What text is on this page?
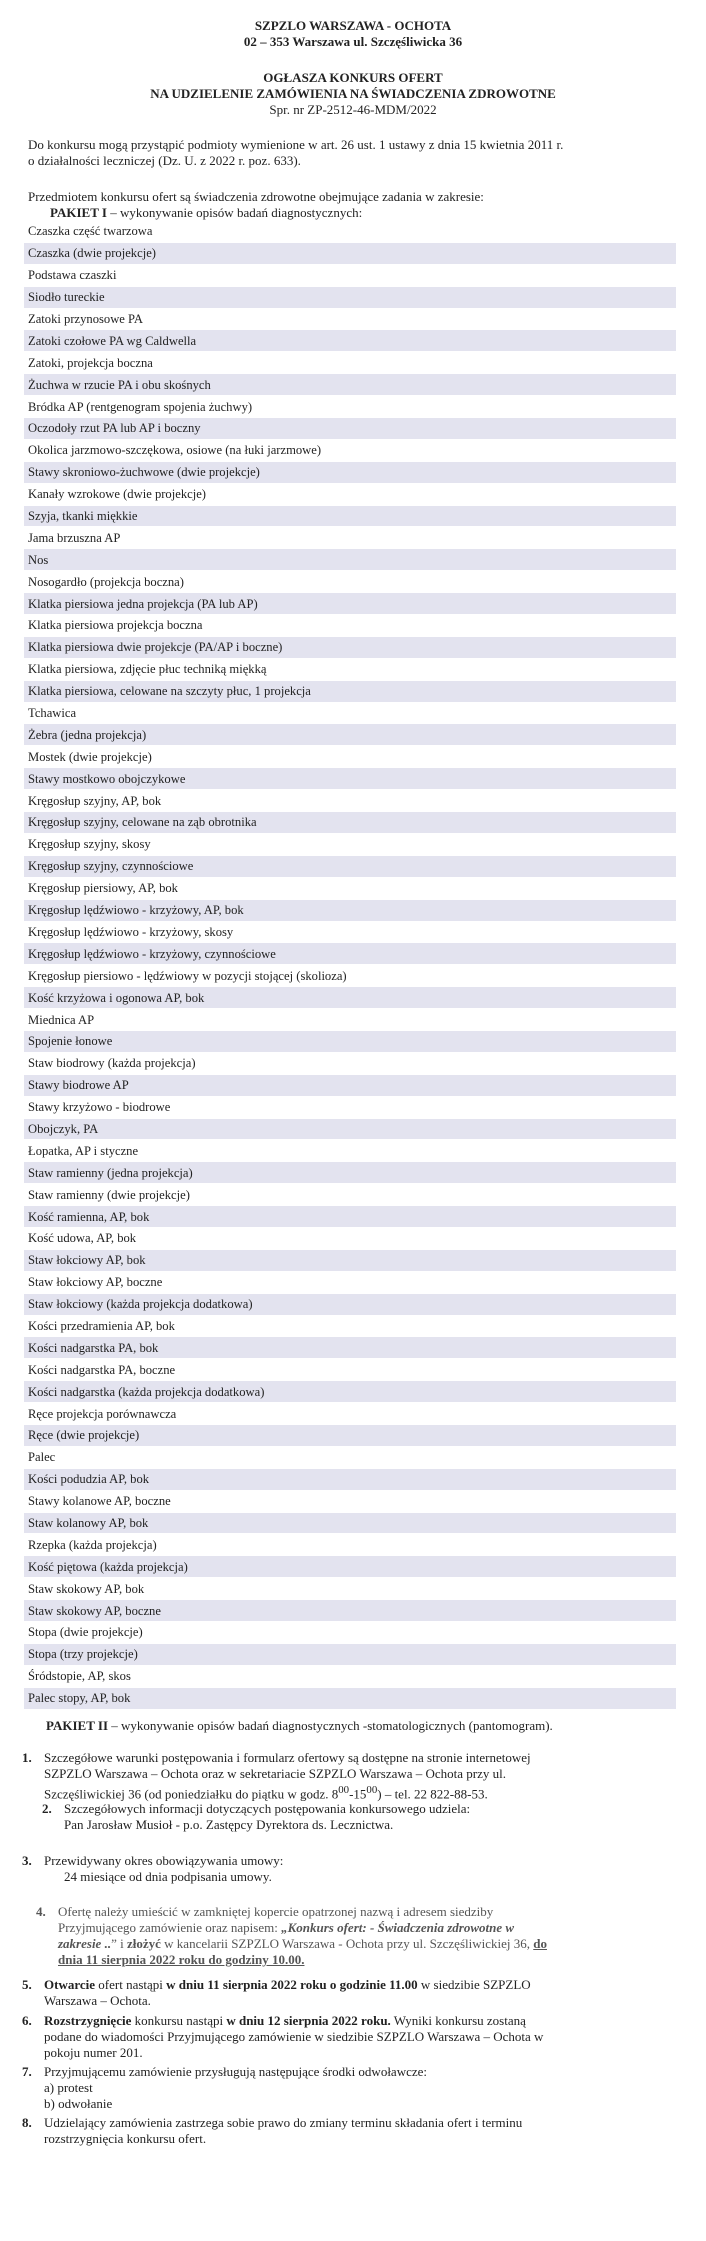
SZPZLO WARSZAWA - OCHOTA
02 – 353 Warszawa ul. Szczęśliwicka 36
OGŁASZA KONKURS OFERT
NA UDZIELENIE ZAMÓWIENIA NA ŚWIADCZENIA ZDROWOTNE
Spr. nr ZP-2512-46-MDM/2022
Do konkursu mogą przystąpić podmioty wymienione w art. 26 ust. 1 ustawy z dnia 15 kwietnia 2011 r.
o działalności leczniczej (Dz. U. z 2022 r. poz. 633).
Przedmiotem konkursu ofert są świadczenia zdrowotne obejmujące zadania w zakresie:
PAKIET I – wykonywanie opisów badań diagnostycznych:
Czaszka część twarzowa
Czaszka (dwie projekcje)
Podstawa czaszki
Siodło tureckie
Zatoki przynosowe PA
Zatoki czołowe PA wg Caldwella
Zatoki, projekcja boczna
Żuchwa w rzucie PA i obu skośnych
Bródka AP (rentgenogram spojenia żuchwy)
Oczodoły rzut PA lub AP i boczny
Okolica jarzmowo-szczękowa, osiowe (na łuki jarzmowe)
Stawy skroniowo-żuchwowe (dwie projekcje)
Kanały wzrokowe (dwie projekcje)
Szyja, tkanki miękkie
Jama brzuszna AP
Nos
Nosogardło (projekcja boczna)
Klatka piersiowa jedna projekcja (PA lub AP)
Klatka piersiowa projekcja boczna
Klatka piersiowa dwie projekcje (PA/AP i boczne)
Klatka piersiowa, zdjęcie płuc techniką miękką
Klatka piersiowa, celowane na szczyty płuc, 1 projekcja
Tchawica
Żebra (jedna projekcja)
Mostek (dwie projekcje)
Stawy mostkowo obojczykowe
Kręgosłup szyjny, AP, bok
Kręgosłup szyjny, celowane na ząb obrotnika
Kręgosłup szyjny, skosy
Kręgosłup szyjny, czynnościowe
Kręgosłup piersiowy, AP, bok
Kręgosłup lędźwiowo - krzyżowy, AP, bok
Kręgosłup lędźwiowo - krzyżowy, skosy
Kręgosłup lędźwiowo - krzyżowy, czynnościowe
Kręgosłup piersiowo - lędźwiowy w pozycji stojącej (skolioza)
Kość krzyżowa i ogonowa AP, bok
Miednica AP
Spojenie łonowe
Staw biodrowy (każda projekcja)
Stawy biodrowe AP
Stawy krzyżowo - biodrowe
Obojczyk, PA
Łopatka, AP i styczne
Staw ramienny (jedna projekcja)
Staw ramienny (dwie projekcje)
Kość ramienna, AP, bok
Kość udowa, AP, bok
Staw łokciowy AP, bok
Staw łokciowy AP, boczne
Staw łokciowy (każda projekcja dodatkowa)
Kości przedramienia AP, bok
Kości nadgarstka PA, bok
Kości nadgarstka PA, boczne
Kości nadgarstka (każda projekcja dodatkowa)
Ręce projekcja porównawcza
Ręce (dwie projekcje)
Palec
Kości podudzia AP, bok
Stawy kolanowe AP, boczne
Staw kolanowy AP, bok
Rzepka (każda projekcja)
Kość piętowa (każda projekcja)
Staw skokowy AP, bok
Staw skokowy AP, boczne
Stopa (dwie projekcje)
Stopa (trzy projekcje)
Śródstopie, AP, skos
Palec stopy, AP, bok
PAKIET II – wykonywanie opisów badań diagnostycznych -stomatologicznych (pantomogram).
1. Szczegółowe warunki postępowania i formularz ofertowy są dostępne na stronie internetowej
SZPZLO Warszawa – Ochota oraz w sekretariacie SZPZLO Warszawa – Ochota przy ul.
Szczęśliwickiej 36 (od poniedziałku do piątku w godz. $8^{00}-15^{00}$) – tel. 22 822-88-53.
2. Szczegółowych informacji dotyczących postępowania konkursowego udziela:
Pan Jarosław Musioł - p.o. Zastępcy Dyrektora ds. Lecznictwa.
3. Przewidywany okres obowiązywania umowy:
24 miesiące od dnia podpisania umowy.
4. Ofertę należy umieścić w zamkniętej kopercie opatrzonej nazwą i adresem siedziby
Przyjmującego zamówienie oraz napisem: „Konkurs ofert: - Świadczenia zdrowotne w
zakresie ..” i złożyć w kancelarii SZPZLO Warszawa - Ochota przy ul. Szczęśliwickiej 36, do
dnia 11 sierpnia 2022 roku do godziny 10.00.
5. Otwarcie ofert nastąpi w dniu 11 sierpnia 2022 roku o godzinie 11.00 w siedzibie SZPZLO
Warszawa – Ochota.
6. Rozstrzygnięcie konkursu nastąpi w dniu 12 sierpnia 2022 roku. Wyniki konkursu zostaną
podane do wiadomości Przyjmującego zamówienie w siedzibie SZPZLO Warszawa – Ochota w
pokoju numer 201.
7. Przyjmującemu zamówienie przysługują następujące środki odwoławcze:
a) protest
b) odwołanie
8. Udzielający zamówienia zastrzega sobie prawo do zmiany terminu składania ofert i terminu
rozstrzygnięcia konkursu ofert.
